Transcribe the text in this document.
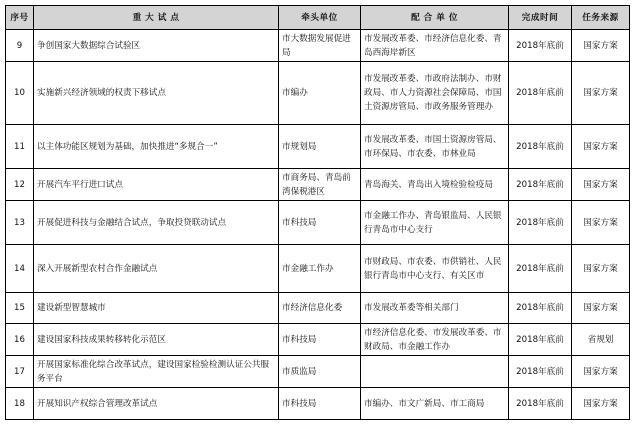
序号	重 大 试 点	牵头单位	配 合 单 位	完成时间	任务来源
9	争创国家大数据综合试验区	市大数据发展促进局	市发展改革委、市经济信息化委、青岛西海岸新区	2018年底前	国家方案
10	实施新兴经济领域的权责下移试点	市编办	市发展改革委、市政府法制办、市财政局、市人力资源社会保障局、市国土资源房管局、市政务服务管理办	2018年底前	国家方案
11	以主体功能区规划为基础，加快推进“多规合一”	市规划局	市发展改革委、市国土资源房管局、市环保局、市农委、市林业局	2018年底前	国家方案
12	开展汽车平行进口试点	市商务局、青岛前湾保税港区	青岛海关、青岛出入境检验检疫局	2018年底前	国家方案
13	开展促进科技与金融结合试点，争取投贷联动试点	市科技局	市金融工作办、青岛银监局、人民银行青岛市中心支行	2018年底前	国家方案
14	深入开展新型农村合作金融试点	市金融工作办	市财政局、市农委、市供销社、人民银行青岛市中心支行、有关区市	2018年底前	国家方案
15	建设新型智慧城市	市经济信息化委	市发展改革委等相关部门	2018年底前	国家方案
16	建设国家科技成果转移转化示范区	市科技局	市经济信息化委、市发展改革委、市财政局、市金融工作办	2018年底前	省规划
17	开展国家标准化综合改革试点，建设国家检验检测认证公共服务平台	市质监局		2018年底前	国家方案
18	开展知识产权综合管理改革试点	市科技局	市编办、市文广新局、市工商局	2018年底前	国家方案
